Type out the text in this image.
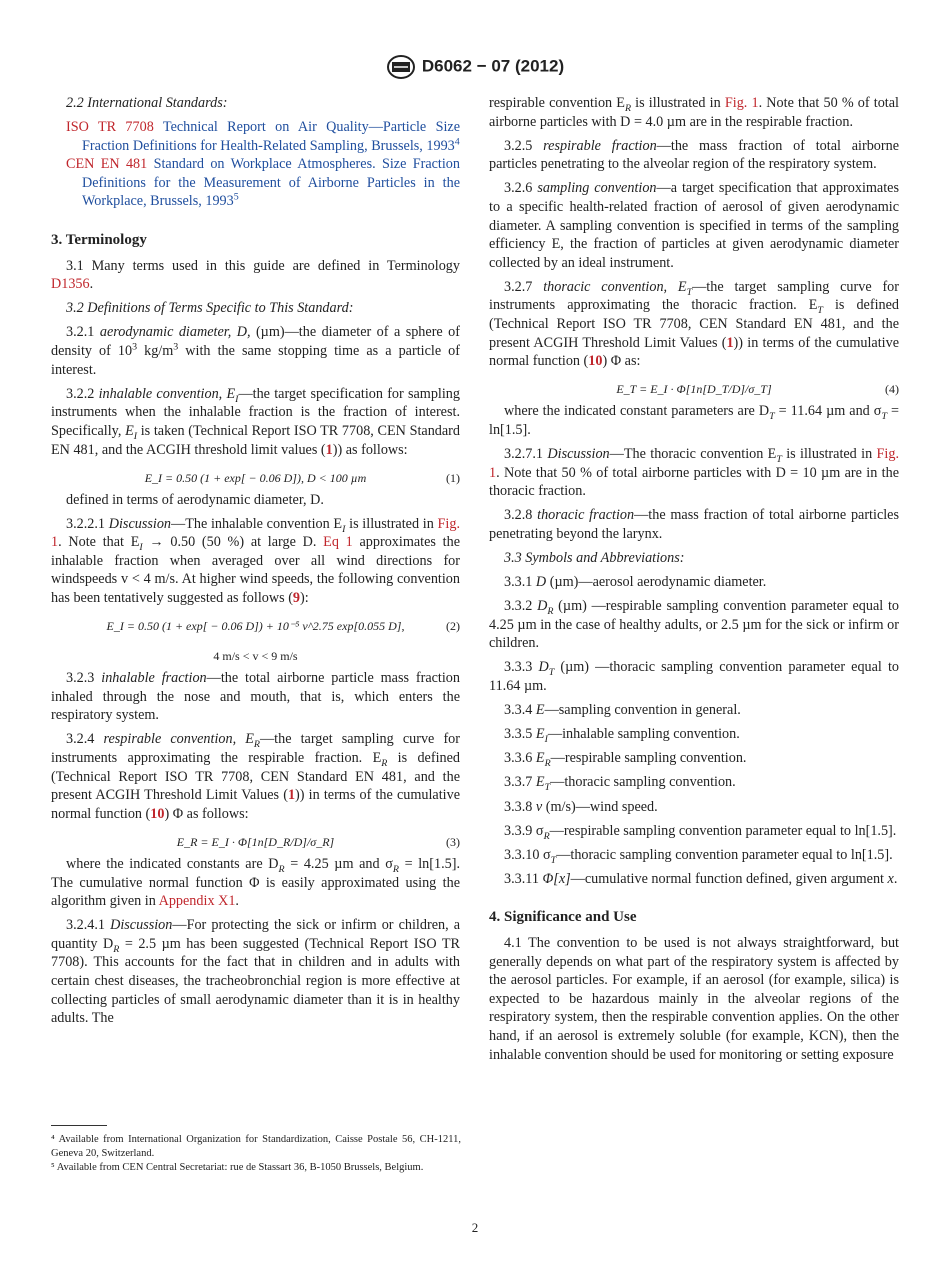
D6062 − 07 (2012)

2.2 International Standards:

ISO TR 7708 Technical Report on Air Quality—Particle Size Fraction Definitions for Health-Related Sampling, Brussels, 1993$^4$

CEN EN 481 Standard on Workplace Atmospheres. Size Fraction Definitions for the Measurement of Airborne Particles in the Workplace, Brussels, 1993$^5$

3. Terminology

3.1 Many terms used in this guide are defined in Terminology D1356.

3.2 Definitions of Terms Specific to This Standard:

3.2.1 aerodynamic diameter, D, (µm)—the diameter of a sphere of density of $10^3$ $kg/m^3$ with the same stopping time as a particle of interest.

3.2.2 inhalable convention, $E_I—the$ target specification for sampling instruments when the inhalable fraction is the fraction of interest. Specifically, $E_I$ is taken (Technical Report ISO TR 7708, CEN Standard EN 481, and the ACGIH threshold limit values (1)) as follows:

E_I = 0.50 (1 + exp[ − 0.06 D]), D < 100 µm	(1)

defined in terms of aerodynamic diameter, D.

3.2.2.1 Discussion—The inhalable convention $E_I$ is illustrated in Fig. 1. Note that $E_I \to 0.50$ (50 %) at large D. Eq 1 approximates the inhalable fraction when averaged over all wind directions for windspeeds v < 4 m/s. At higher wind speeds, the following convention has been tentatively suggested as follows (9):

E_I = 0.50 (1 + exp[ − 0.06 D]) + 10⁻⁵ v^2.75 exp[0.055 D],	(2)
4 m/s < v < 9 m/s

3.2.3 inhalable fraction—the total airborne particle mass fraction inhaled through the nose and mouth, that is, which enters the respiratory system.

3.2.4 respirable convention, $E_R—the$ target sampling curve for instruments approximating the respirable fraction. $E_R$ is defined (Technical Report ISO TR 7708, CEN Standard EN 481, and the present ACGIH Threshold Limit Values (1)) in terms of the cumulative normal function (10) Φ as follows:

E_R = E_I · Φ[1n[D_R/D]/σ_R]	(3)

where the indicated constants are $D_R = 4.25$ µm and $\sigma_R = \ln[1.5]$. The cumulative normal function Φ is easily approximated using the algorithm given in Appendix X1.

3.2.4.1 Discussion—For protecting the sick or infirm or children, a quantity $D_R = 2.5$ µm has been suggested (Technical Report ISO TR 7708). This accounts for the fact that in children and in adults with certain chest diseases, the tracheobronchial region is more effective at collecting particles of small aerodynamic diameter than it is in healthy adults. The

⁴ Available from International Organization for Standardization, Caisse Postale 56, CH-1211, Geneva 20, Switzerland.
⁵ Available from CEN Central Secretariat: rue de Stassart 36, B-1050 Brussels, Belgium.

respirable convention $E_R$ is illustrated in Fig. 1. Note that 50 % of total airborne particles with D = 4.0 µm are in the respirable fraction.

3.2.5 respirable fraction—the mass fraction of total airborne particles penetrating to the alveolar region of the respiratory system.

3.2.6 sampling convention—a target specification that approximates to a specific health-related fraction of aerosol of given aerodynamic diameter. A sampling convention is specified in terms of the sampling efficiency E, the fraction of particles at given aerodynamic diameter collected by an ideal instrument.

3.2.7 thoracic convention, $E_T—the$ target sampling curve for instruments approximating the thoracic fraction. $E_T$ is defined (Technical Report ISO TR 7708, CEN Standard EN 481, and the present ACGIH Threshold Limit Values (1)) in terms of the cumulative normal function (10) Φ as:

E_T = E_I · Φ[1n[D_T/D]/σ_T]	(4)

where the indicated constant parameters are $D_T = 11.64$ µm and $\sigma_T = \ln[1.5]$.

3.2.7.1 Discussion—The thoracic convention $E_T$ is illustrated in Fig. 1. Note that 50 % of total airborne particles with D = 10 µm are in the thoracic fraction.

3.2.8 thoracic fraction—the mass fraction of total airborne particles penetrating beyond the larynx.

3.3 Symbols and Abbreviations:

3.3.1 D (µm)—aerosol aerodynamic diameter.

3.3.2 $D_R$ (µm) —respirable sampling convention parameter equal to 4.25 µm in the case of healthy adults, or 2.5 µm for the sick or infirm or children.

3.3.3 $D_T$ (µm) —thoracic sampling convention parameter equal to 11.64 µm.

3.3.4 E—sampling convention in general.

3.3.5 $E_I—inhalable$ sampling convention.

3.3.6 $E_R—respirable$ sampling convention.

3.3.7 $E_T—thoracic$ sampling convention.

3.3.8 v (m/s)—wind speed.

3.3.9 $\sigma_R—respirable$ sampling convention parameter equal to ln[1.5].

3.3.10 $\sigma_T—thoracic$ sampling convention parameter equal to ln[1.5].

3.3.11 Φ[x]—cumulative normal function defined, given argument x.

4. Significance and Use

4.1 The convention to be used is not always straightforward, but generally depends on what part of the respiratory system is affected by the aerosol particles. For example, if an aerosol (for example, silica) is expected to be hazardous mainly in the alveolar regions of the respiratory system, then the respirable convention applies. On the other hand, if an aerosol is extremely soluble (for example, KCN), then the inhalable convention should be used for monitoring or setting exposure

2
